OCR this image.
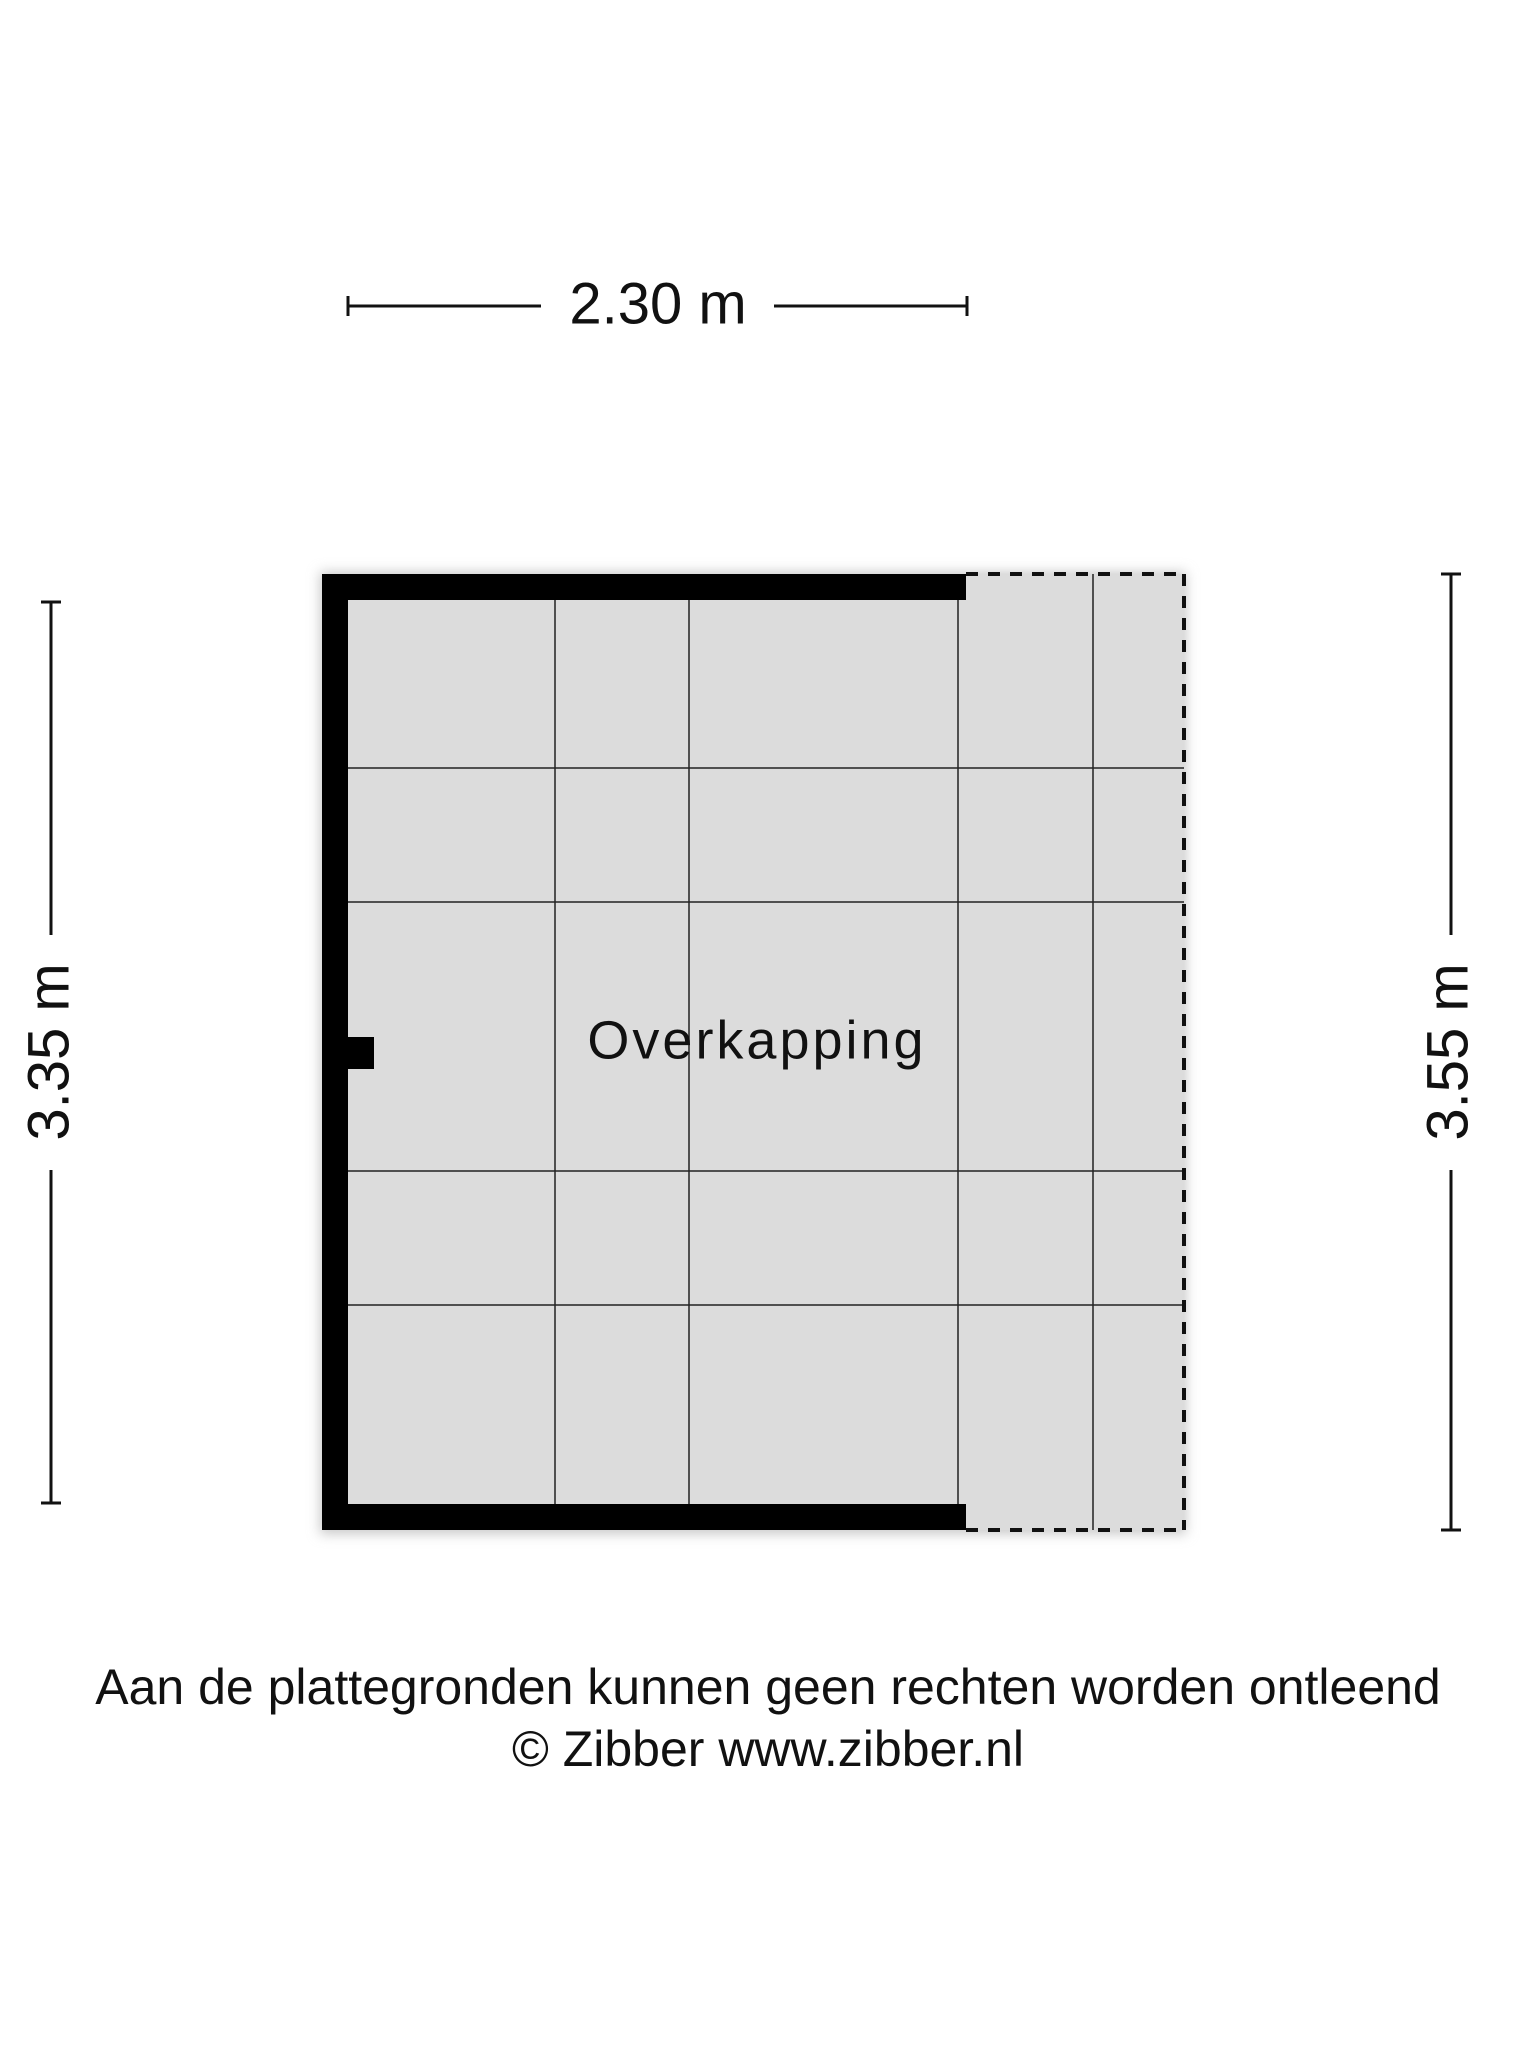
2.30 m
3.35 m	3.55 m
Overkapping
Aan de plattegronden kunnen geen rechten worden ontleend
© Zibber www.zibber.nl
